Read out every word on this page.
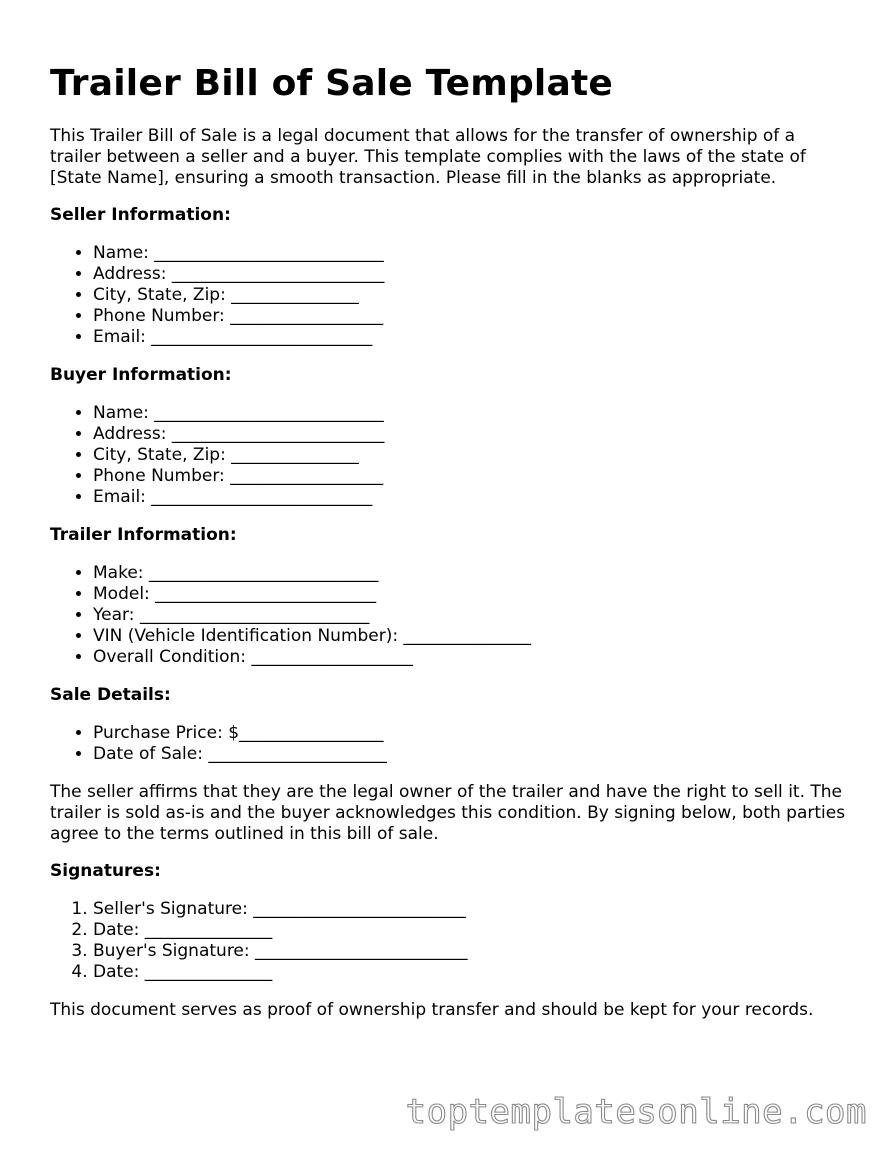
Trailer Bill of Sale Template

This Trailer Bill of Sale is a legal document that allows for the transfer of ownership of a trailer between a seller and a buyer. This template complies with the laws of the state of [State Name], ensuring a smooth transaction. Please fill in the blanks as appropriate.

Seller Information:
• Name: ___________________________
• Address: _________________________
• City, State, Zip: _______________
• Phone Number: __________________
• Email: __________________________
Buyer Information:
• Name: ___________________________
• Address: _________________________
• City, State, Zip: _______________
• Phone Number: __________________
• Email: __________________________
Trailer Information:
• Make: ___________________________
• Model: __________________________
• Year: ___________________________
• VIN (Vehicle Identification Number): _______________
• Overall Condition: ___________________
Sale Details:
• Purchase Price: $_________________
• Date of Sale: _____________________

The seller affirms that they are the legal owner of the trailer and have the right to sell it. The trailer is sold as-is and the buyer acknowledges this condition. By signing below, both parties agree to the terms outlined in this bill of sale.

Signatures:
1. Seller's Signature: _________________________
2. Date: _______________
3. Buyer's Signature: _________________________
4. Date: _______________

This document serves as proof of ownership transfer and should be kept for your records.

toptemplatesonline.com
